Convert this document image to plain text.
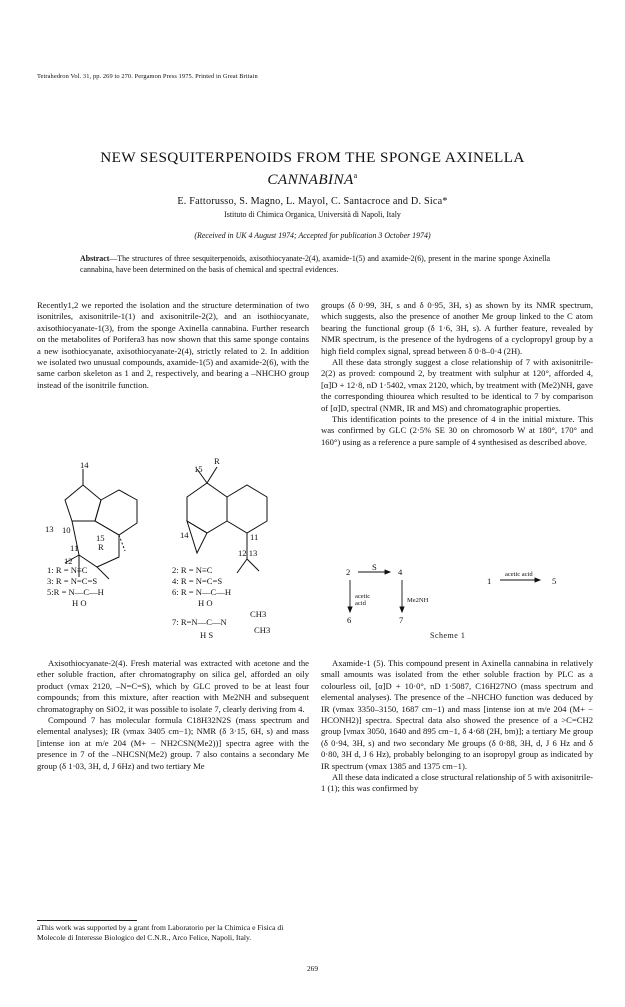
Tetrahedron Vol. 31, pp. 269 to 270. Pergamon Press 1975. Printed in Great Britain
NEW SESQUITERPENOIDS FROM THE SPONGE AXINELLA
CANNABINA$^a$
E. Fattorusso, S. Magno, L. Mayol, C. Santacroce and D. Sica*
Istituto di Chimica Organica, Università di Napoli, Italy
(Received in UK 4 August 1974; Accepted for publication 3 October 1974)
Abstract—The structures of three sesquiterpenoids, axisothiocyanate-2(4), axamide-1(5) and axamide-2(6), present in the marine sponge Axinella cannabina, have been determined on the basis of chemical and spectral evidences.

Recently1,2 we reported the isolation and the structure determination of two isonitriles, axisonitrile-1(1) and axisonitrile-2(2), and an isothiocyanate, axisothiocyanate-1(3), from the sponge Axinella cannabina. Further research on the metabolites of Porifera3 has now shown that this same sponge contains a new isothiocyanate, axisothiocyanate-2(4), strictly related to 2. In addition we isolated two unusual compounds, axamide-1(5) and axamide-2(6), with the same carbon skeleton as 1 and 2, respectively, and bearing a –NHCHO group instead of the isonitrile function.

14
13 10
15
R
11
12
15
R
14	11
12 13
1: R = N≡C
3: R = N=C=S
5:R = N—C—H
H O
2: R = N≡C
4: R = N=C=S
6: R = N—C—H
H O
CH3
7: R=N—C—N
CH3
H S

Axisothiocyanate-2(4). Fresh material was extracted with acetone and the ether soluble fraction, after chromatography on silica gel, afforded an oily product (νmax 2120, –N=C=S), which by GLC proved to be at least four compounds; from this mixture, after reaction with Me2NH and subsequent chromatography on SiO2, it was possible to isolate 7, clearly deriving from 4.

Compound 7 has molecular formula C18H32N2S (mass spectrum and elemental analyses); IR (νmax 3405 cm−1); NMR (δ 3·15, 6H, s) and mass [intense ion at m/e 204 (M+ − NH2CSN(Me2))] spectra agree with the presence in 7 of the –NHCSN(Me2) group. 7 also contains a secondary Me group (δ 1·03, 3H, d, J 6Hz) and two tertiary Me

aThis work was supported by a grant from Laboratorio per la Chimica e Fisica di Molecole di Interesse Biologico del C.N.R., Arco Felice, Napoli, Italy.

groups (δ 0·99, 3H, s and δ 0·95, 3H, s) as shown by its NMR spectrum, which suggests, also the presence of another Me group linked to the C atom bearing the functional group (δ 1·6, 3H, s). A further feature, revealed by NMR spectrum, is the presence of the hydrogens of a cyclopropyl group by a high field complex signal, spread between δ 0·8–0·4 (2H).

All these data strongly suggest a close relationship of 7 with axisonitrile-2(2) as proved: compound 2, by treatment with sulphur at 120°, afforded 4, [α]D + 12·8, nD 1·5402, νmax 2120, which, by treatment with (Me2)NH, gave the corresponding thiourea which resulted to be identical to 7 by comparison of [α]D, spectral (NMR, IR and MS) and chromatographic properties.

This identification points to the presence of 4 in the initial mixture. This was confirmed by GLC (2·5% SE 30 on chromosorb W at 180°, 170° and 160°) using as a reference a pure sample of 4 synthesised as described above.

2	S 4
acetic acid	Me2NH
1
acetic acid
5
6	7
Scheme 1

Axamide-1 (5). This compound present in Axinella cannabina in relatively small amounts was isolated from the ether soluble fraction by PLC as a colourless oil, [α]D + 10·0°, nD 1·5087, C16H27NO (mass spectrum and elemental analyses). The presence of the –NHCHO function was deduced by IR (νmax 3350–3150, 1687 cm−1) and mass [intense ion at m/e 204 (M+ − HCONH2)] spectra. Spectral data also showed the presence of a >C=CH2 group [νmax 3050, 1640 and 895 cm−1, δ 4·68 (2H, bm)]; a tertiary Me group (δ 0·94, 3H, s) and two secondary Me groups (δ 0·88, 3H, d, J 6 Hz and δ 0·80, 3H d, J 6 Hz), probably belonging to an isopropyl group as indicated by IR spectrum (νmax 1385 and 1375 cm−1).

All these data indicated a close structural relationship of 5 with axisonitrile-1 (1); this was confirmed by

269
